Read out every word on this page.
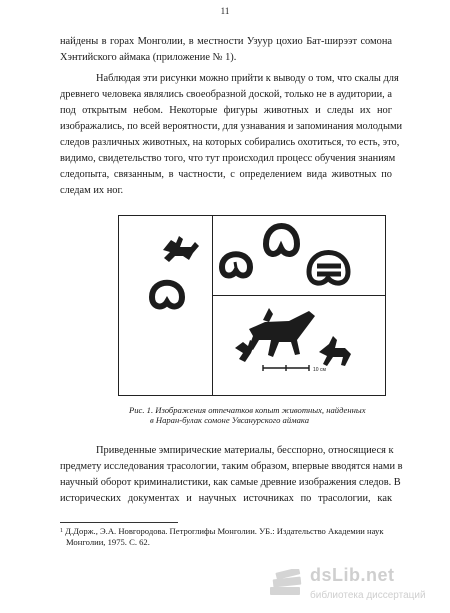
11
найдены в горах Монголии, в местности Узуур цохио Бат-ширээт сомона
Хэнтийского аймака (приложение № 1).
Наблюдая эти рисунки можно прийти к выводу о том, что скалы для
древнего человека являлись своеобразной доской, только не в аудитории, а
под открытым небом. Некоторые фигуры животных и следы их ног
изображались, по всей вероятности, для узнавания и запоминания молодыми
следов различных животных, на которых собирались охотиться, то есть, это,
видимо, свидетельство того, что тут происходил процесс обучения знаниям
следопыта, связанным, в частности, с определением вида животных по
следам их ног.
10 см
Рис. 1. Изображения отпечатков копыт животных, найденных
в Наран-булак сомоне Увсанурского аймака
Приведенные эмпирические материалы, бесспорно, относящиеся к
предмету исследования трасологии, таким образом, впервые вводятся нами в
научный оборот криминалистики, как самые древние изображения следов. В
исторических документах и научных источниках по трасологии, как
$^1$ Д.Дорж., Э.А. Новгородова. Петроглифы Монголии. УБ.: Издательство Академии наук
Монголии, 1975. С. 62.
dsLib.net
библиотека диссертаций
